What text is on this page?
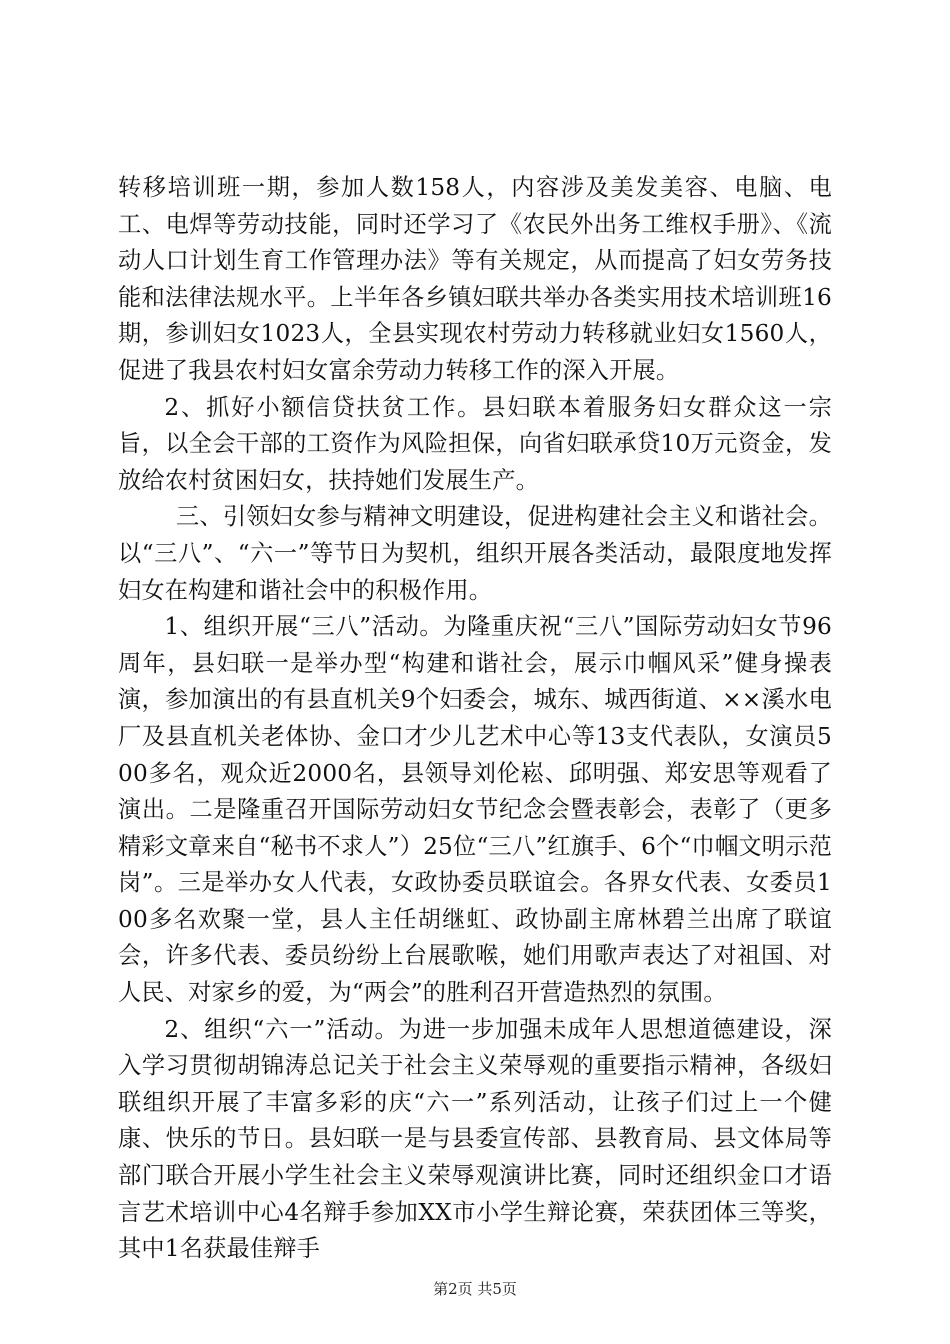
转移培训班一期，参加人数158人，内容涉及美发美容、电脑、电工、电焊等劳动技能，同时还学习了《农民外出务工维权手册》、《流动人口计划生育工作管理办法》等有关规定，从而提高了妇女劳务技能和法律法规水平。上半年各乡镇妇联共举办各类实用技术培训班16期，参训妇女1023人，全县实现农村劳动力转移就业妇女1560人，促进了我县农村妇女富余劳动力转移工作的深入开展。

2、抓好小额信贷扶贫工作。县妇联本着服务妇女群众这一宗旨，以全会干部的工资作为风险担保，向省妇联承贷10万元资金，发放给农村贫困妇女，扶持她们发展生产。

三、引领妇女参与精神文明建设，促进构建社会主义和谐社会。以“三八”、“六一”等节日为契机，组织开展各类活动，最限度地发挥妇女在构建和谐社会中的积极作用。

1、组织开展“三八”活动。为隆重庆祝“三八”国际劳动妇女节96周年，县妇联一是举办型“构建和谐社会，展示巾帼风采”健身操表演，参加演出的有县直机关9个妇委会，城东、城西街道、××溪水电厂及县直机关老体协、金口才少儿艺术中心等13支代表队，女演员500多名，观众近2000名，县领导刘伦崧、邱明强、郑安思等观看了演出。二是隆重召开国际劳动妇女节纪念会暨表彰会，表彰了（更多精彩文章来自“秘书不求人”）25位“三八”红旗手、6个“巾帼文明示范岗”。三是举办女人代表，女政协委员联谊会。各界女代表、女委员100多名欢聚一堂，县人主任胡继虹、政协副主席林碧兰出席了联谊会，许多代表、委员纷纷上台展歌喉，她们用歌声表达了对祖国、对人民、对家乡的爱，为“两会”的胜利召开营造热烈的氛围。

2、组织“六一”活动。为进一步加强未成年人思想道德建设，深入学习贯彻胡锦涛总记关于社会主义荣辱观的重要指示精神，各级妇联组织开展了丰富多彩的庆“六一”系列活动，让孩子们过上一个健康、快乐的节日。县妇联一是与县委宣传部、县教育局、县文体局等部门联合开展小学生社会主义荣辱观演讲比赛，同时还组织金口才语言艺术培训中心4名辩手参加XX市小学生辩论赛，荣获团体三等奖，其中1名获最佳辩手

第2页 共5页
